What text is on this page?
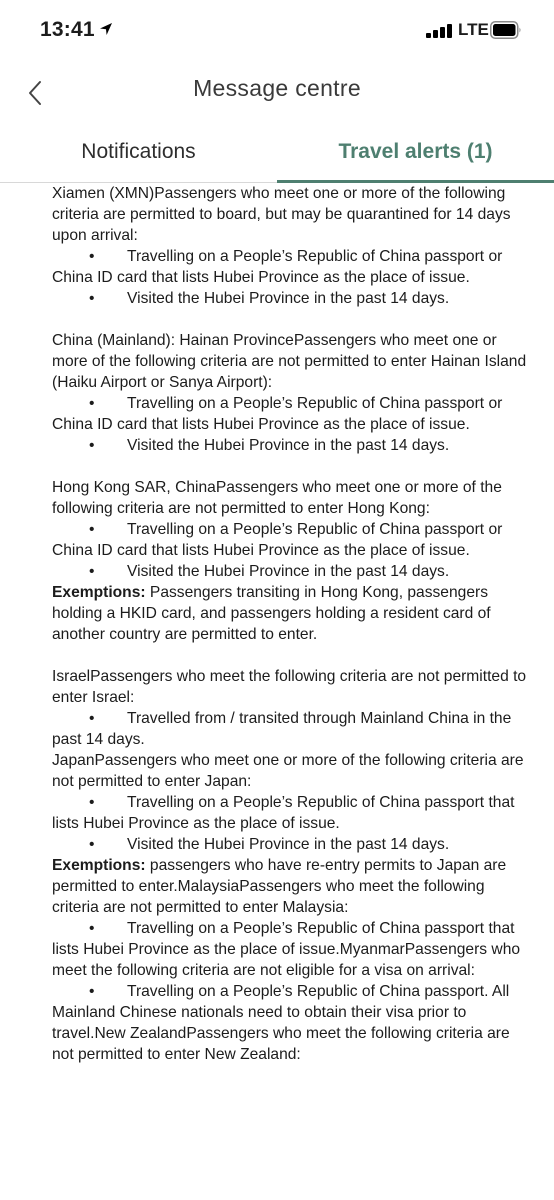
13:41	LTE
Message centre
Notifications	Travel alerts (1)

Xiamen (XMN)Passengers who meet one or more of the following criteria are permitted to board, but may be quarantined for 14 days upon arrival:

• Travelling on a People’s Republic of China passport or China ID card that lists Hubei Province as the place of issue.

• Visited the Hubei Province in the past 14 days.

China (Mainland): Hainan ProvincePassengers who meet one or more of the following criteria are not permitted to enter Hainan Island (Haiku Airport or Sanya Airport):

• Travelling on a People’s Republic of China passport or China ID card that lists Hubei Province as the place of issue.

• Visited the Hubei Province in the past 14 days.

Hong Kong SAR, ChinaPassengers who meet one or more of the following criteria are not permitted to enter Hong Kong:

• Travelling on a People’s Republic of China passport or China ID card that lists Hubei Province as the place of issue.

• Visited the Hubei Province in the past 14 days.

Exemptions: Passengers transiting in Hong Kong, passengers holding a HKID card, and passengers holding a resident card of another country are permitted to enter.

IsraelPassengers who meet the following criteria are not permitted to enter Israel:

• Travelled from / transited through Mainland China in the past 14 days.

JapanPassengers who meet one or more of the following criteria are not permitted to enter Japan:

• Travelling on a People’s Republic of China passport that lists Hubei Province as the place of issue.

• Visited the Hubei Province in the past 14 days.

Exemptions: passengers who have re-entry permits to Japan are permitted to enter.MalaysiaPassengers who meet the following criteria are not permitted to enter Malaysia:

• Travelling on a People’s Republic of China passport that lists Hubei Province as the place of issue.MyanmarPassengers who meet the following criteria are not eligible for a visa on arrival:

• Travelling on a People’s Republic of China passport. All Mainland Chinese nationals need to obtain their visa prior to travel.New ZealandPassengers who meet the following criteria are not permitted to enter New Zealand:
